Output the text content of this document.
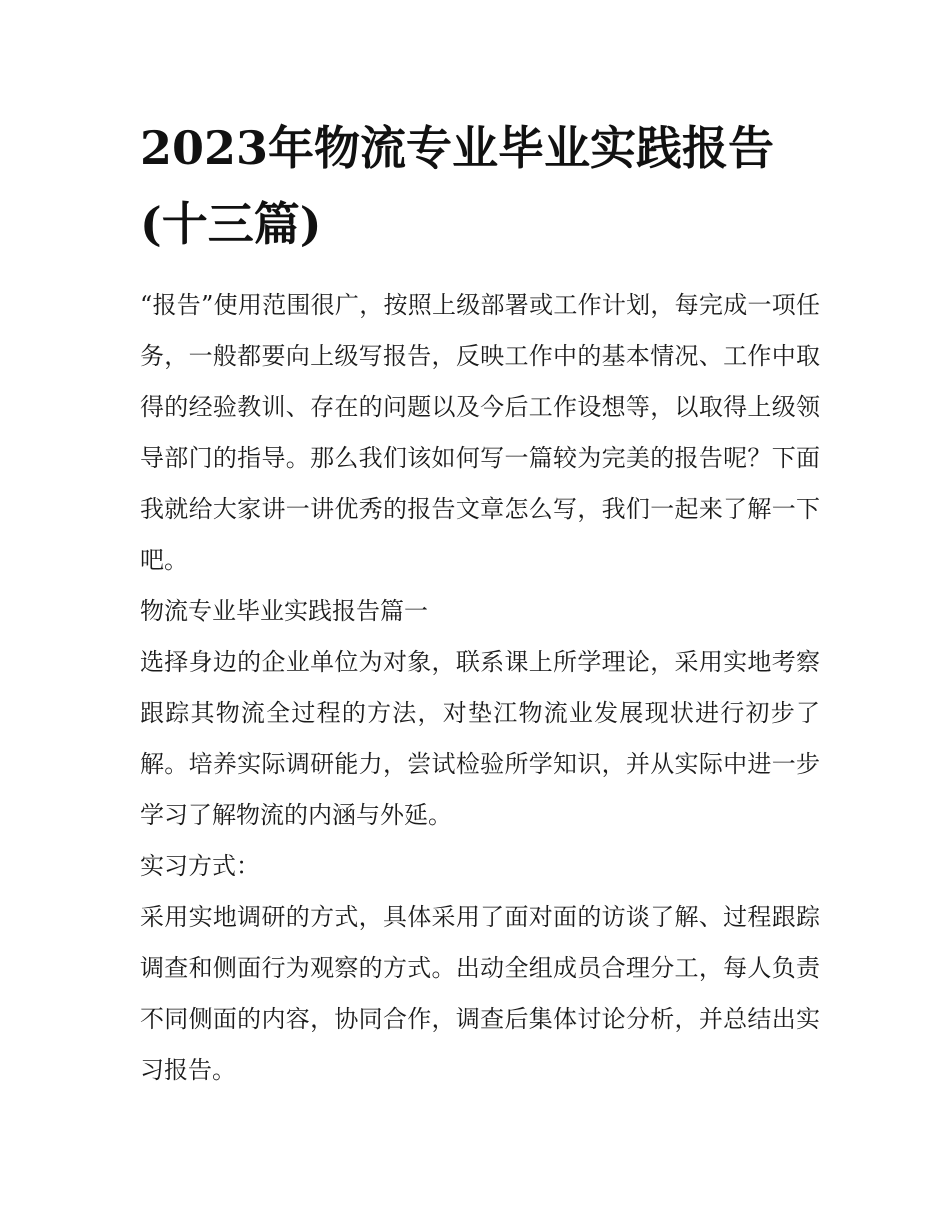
2023年物流专业毕业实践报告(十三篇)

“报告”使用范围很广，按照上级部署或工作计划，每完成一项任务，一般都要向上级写报告，反映工作中的基本情况、工作中取得的经验教训、存在的问题以及今后工作设想等，以取得上级领导部门的指导。那么我们该如何写一篇较为完美的报告呢？下面我就给大家讲一讲优秀的报告文章怎么写，我们一起来了解一下吧。

物流专业毕业实践报告篇一

选择身边的企业单位为对象，联系课上所学理论，采用实地考察跟踪其物流全过程的方法，对垫江物流业发展现状进行初步了解。培养实际调研能力，尝试检验所学知识，并从实际中进一步学习了解物流的内涵与外延。

实习方式：

采用实地调研的方式，具体采用了面对面的访谈了解、过程跟踪调查和侧面行为观察的方式。出动全组成员合理分工，每人负责不同侧面的内容，协同合作，调查后集体讨论分析，并总结出实习报告。
